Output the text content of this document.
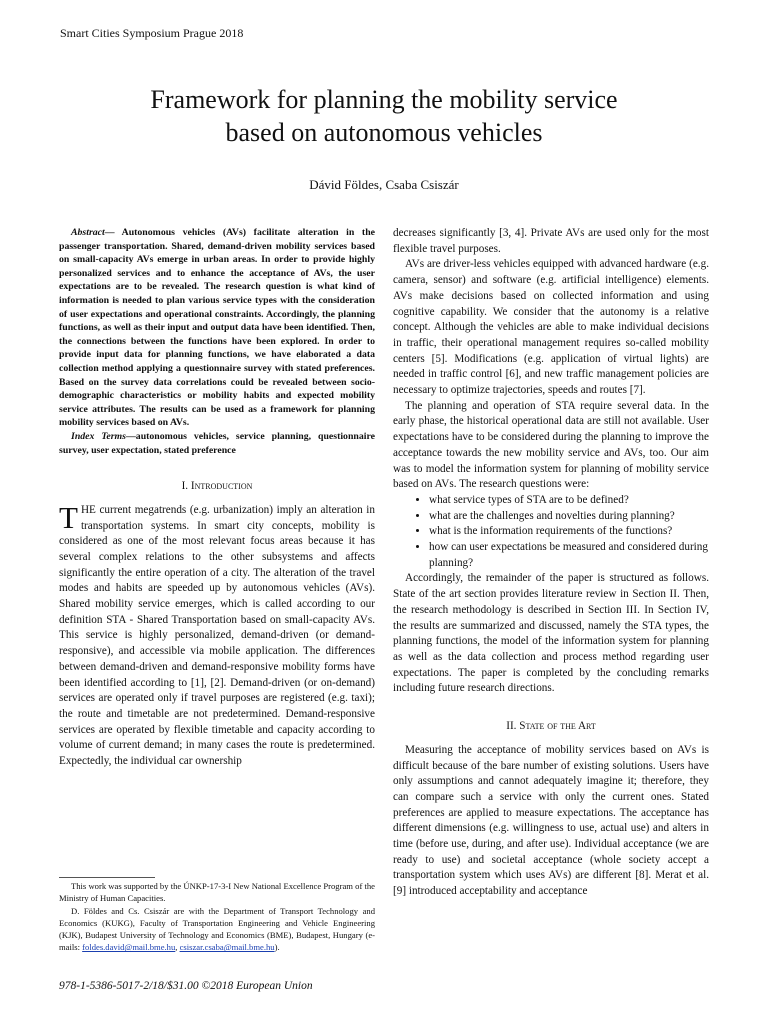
Smart Cities Symposium Prague 2018
Framework for planning the mobility service
based on autonomous vehicles
Dávid Földes, Csaba Csiszár

Abstract— Autonomous vehicles (AVs) facilitate alteration in the passenger transportation. Shared, demand-driven mobility services based on small-capacity AVs emerge in urban areas. In order to provide highly personalized services and to enhance the acceptance of AVs, the user expectations are to be revealed. The research question is what kind of information is needed to plan various service types with the consideration of user expectations and operational constraints. Accordingly, the planning functions, as well as their input and output data have been identified. Then, the connections between the functions have been explored. In order to provide input data for planning functions, we have elaborated a data collection method applying a questionnaire survey with stated preferences. Based on the survey data correlations could be revealed between socio-demographic characteristics or mobility habits and expected mobility service attributes. The results can be used as a framework for planning mobility services based on AVs.

Index Terms—autonomous vehicles, service planning, questionnaire survey, user expectation, stated preference

I. Introduction

THE current megatrends (e.g. urbanization) imply an alteration in transportation systems. In smart city concepts, mobility is considered as one of the most relevant focus areas because it has several complex relations to the other subsystems and affects significantly the entire operation of a city. The alteration of the travel modes and habits are speeded up by autonomous vehicles (AVs). Shared mobility service emerges, which is called according to our definition STA - Shared Transportation based on small-capacity AVs. This service is highly personalized, demand-driven (or demand-responsive), and accessible via mobile application. The differences between demand-driven and demand-responsive mobility forms have been identified according to [1], [2]. Demand-driven (or on-demand) services are operated only if travel purposes are registered (e.g. taxi); the route and timetable are not predetermined. Demand-responsive services are operated by flexible timetable and capacity according to volume of current demand; in many cases the route is predetermined. Expectedly, the individual car ownership

This work was supported by the ÚNKP-17-3-I New National Excellence Program of the Ministry of Human Capacities.

D. Földes and Cs. Csiszár are with the Department of Transport Technology and Economics (KUKG), Faculty of Transportation Engineering and Vehicle Engineering (KJK), Budapest University of Technology and Economics (BME), Budapest, Hungary (e-mails: foldes.david@mail.bme.hu, csiszar.csaba@mail.bme.hu).

978-1-5386-5017-2/18/$31.00 ©2018 European Union

decreases significantly [3, 4]. Private AVs are used only for the most flexible travel purposes.

AVs are driver-less vehicles equipped with advanced hardware (e.g. camera, sensor) and software (e.g. artificial intelligence) elements. AVs make decisions based on collected information and using cognitive capability. We consider that the autonomy is a relative concept. Although the vehicles are able to make individual decisions in traffic, their operational management requires so-called mobility centers [5]. Modifications (e.g. application of virtual lights) are needed in traffic control [6], and new traffic management policies are necessary to optimize trajectories, speeds and routes [7].

The planning and operation of STA require several data. In the early phase, the historical operational data are still not available. User expectations have to be considered during the planning to improve the acceptance towards the new mobility service and AVs, too. Our aim was to model the information system for planning of mobility service based on AVs. The research questions were:

• what service types of STA are to be defined?
• what are the challenges and novelties during planning?
• what is the information requirements of the functions?
• how can user expectations be measured and considered during planning?

Accordingly, the remainder of the paper is structured as follows. State of the art section provides literature review in Section II. Then, the research methodology is described in Section III. In Section IV, the results are summarized and discussed, namely the STA types, the planning functions, the model of the information system for planning as well as the data collection and process method regarding user expectations. The paper is completed by the concluding remarks including future research directions.

II. State of the Art

Measuring the acceptance of mobility services based on AVs is difficult because of the bare number of existing solutions. Users have only assumptions and cannot adequately imagine it; therefore, they can compare such a service with only the current ones. Stated preferences are applied to measure expectations. The acceptance has different dimensions (e.g. willingness to use, actual use) and alters in time (before use, during, and after use). Individual acceptance (we are ready to use) and societal acceptance (whole society accept a transportation system which uses AVs) are different [8]. Merat et al. [9] introduced acceptability and acceptance
